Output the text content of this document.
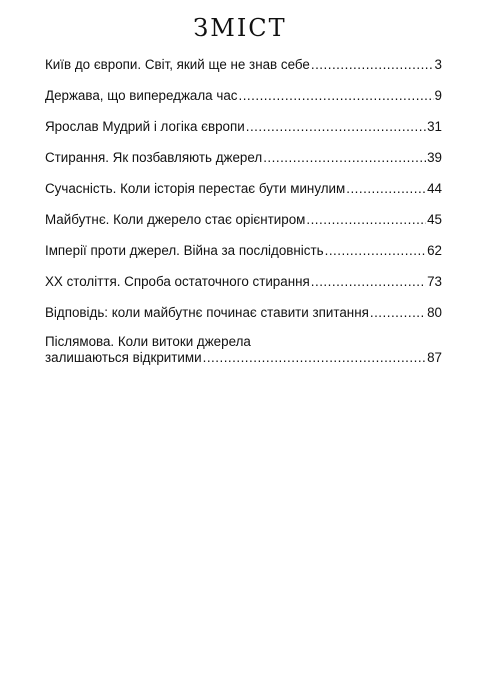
ЗМІСТ
Київ до європи. Світ, який ще не знав себе .....	3
Держава, що випереджала час .....	9
Ярослав Мудрий і логіка європи .....	31
Стирання. Як позбавляють джерел .....	39
Сучасність. Коли історія перестає бути минулим .....	44
Майбутнє. Коли джерело стає орієнтиром .....	45
Імперії проти джерел. Війна за послідовність .....	62
XX століття. Спроба остаточного стирання .....	73
Відповідь: коли майбутнє починає ставити зпитання .....	80
Післямова. Коли витоки джерела
залишаються відкритими .....	87
